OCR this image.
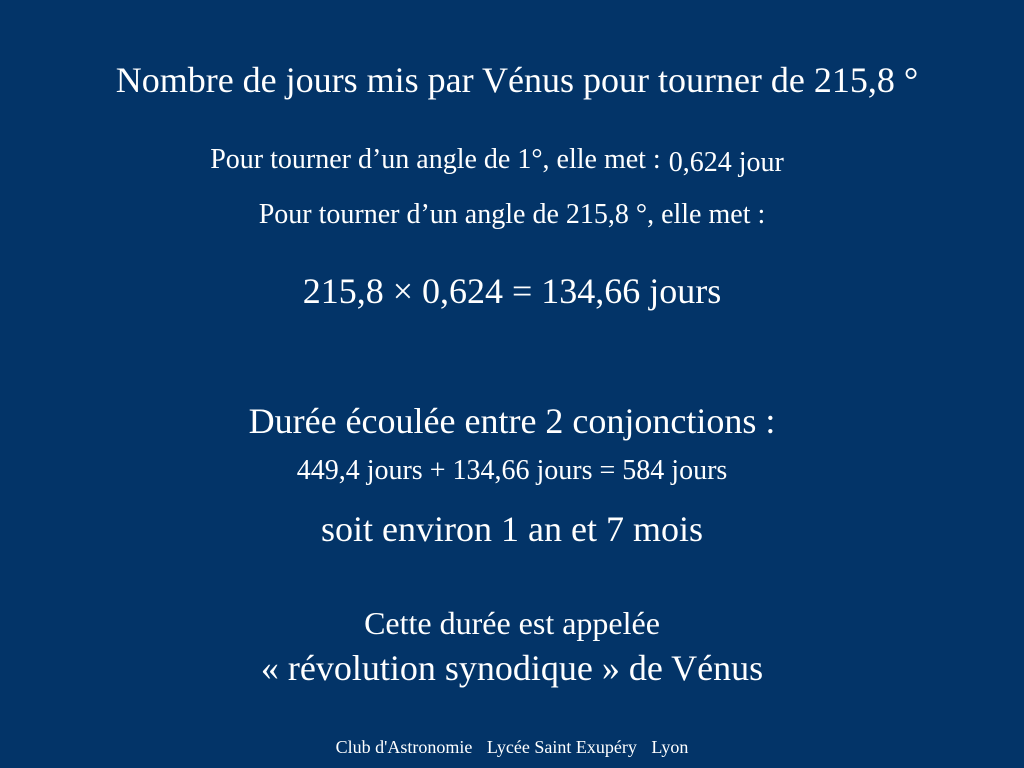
Nombre de jours mis par Vénus pour tourner de 215,8 °
Pour tourner d’un angle de 1°, elle met : 0,624 jour
Pour tourner d’un angle de 215,8 °, elle met :
215,8 × 0,624 = 134,66 jours
Durée écoulée entre 2 conjonctions :
449,4 jours + 134,66 jours = 584 jours
soit environ 1 an et 7 mois
Cette durée est appelée
« révolution synodique » de Vénus
Club d'Astronomie Lycée Saint Exupéry Lyon
